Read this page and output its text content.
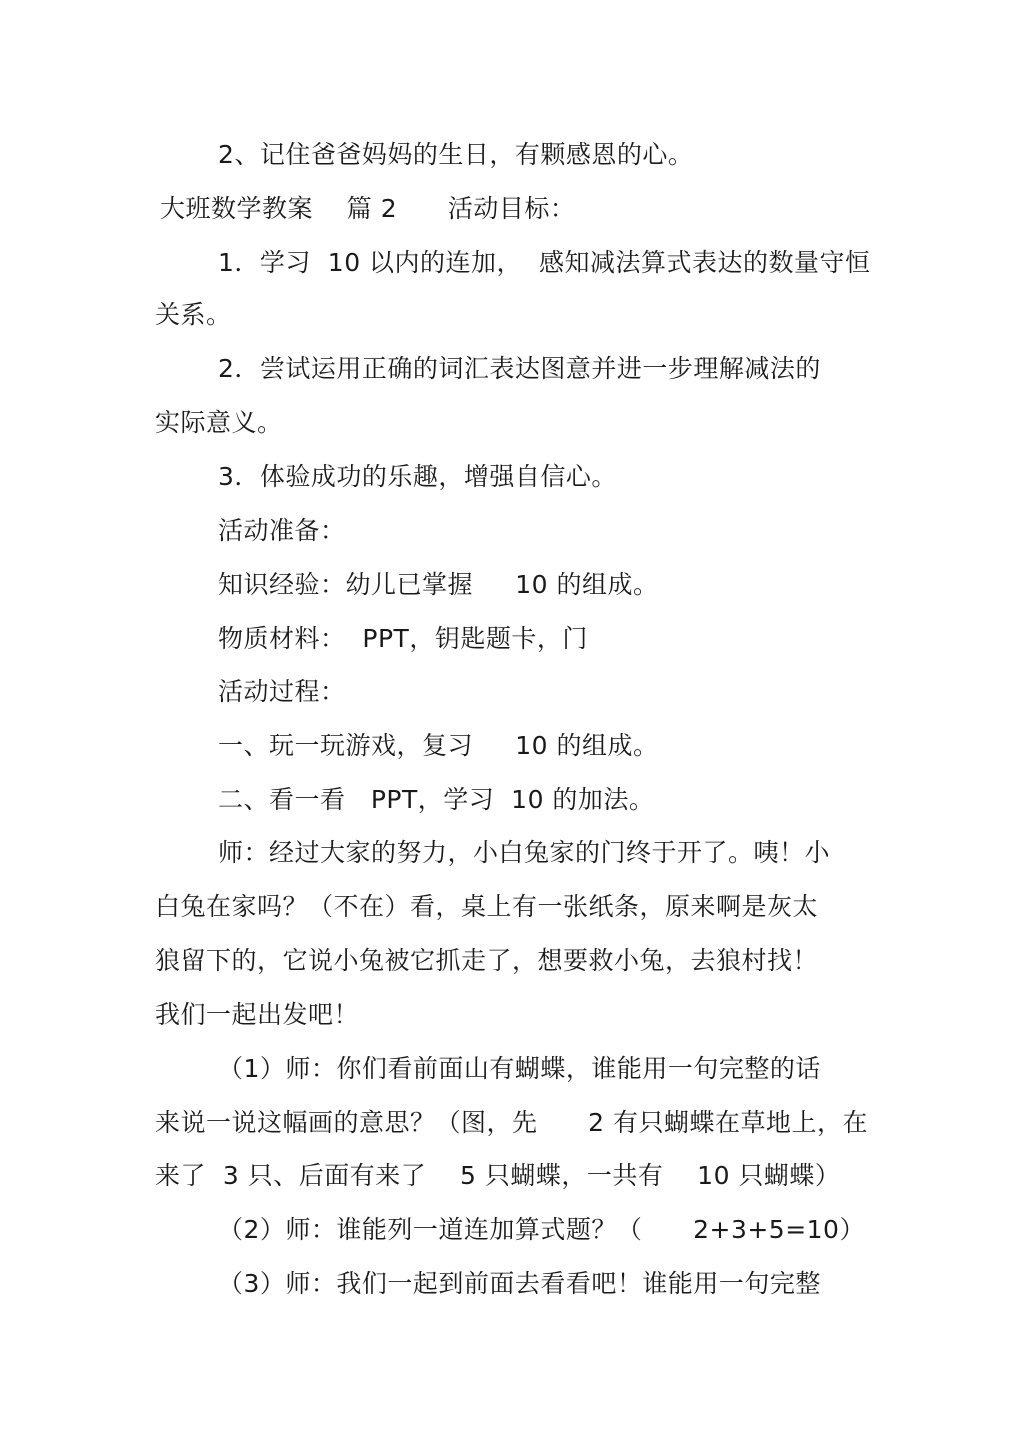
2、记住爸爸妈妈的生日，有颗感恩的心。
大班数学教案    篇 2      活动目标：
1．学习  10 以内的连加，  感知减法算式表达的数量守恒
关系。
2．尝试运用正确的词汇表达图意并进一步理解减法的
实际意义。
3．体验成功的乐趣，增强自信心。
活动准备：
知识经验：幼儿已掌握     10 的组成。
物质材料：  PPT，钥匙题卡，门
活动过程：
一、玩一玩游戏，复习     10 的组成。
二、看一看   PPT，学习  10 的加法。
师：经过大家的努力，小白兔家的门终于开了。咦！小
白兔在家吗？（不在）看，桌上有一张纸条，原来啊是灰太
狼留下的，它说小兔被它抓走了，想要救小兔，去狼村找！
我们一起出发吧！
（1）师：你们看前面山有蝴蝶，谁能用一句完整的话
来说一说这幅画的意思？（图，先      2 有只蝴蝶在草地上，在
来了  3 只、后面有来了    5 只蝴蝶，一共有    10 只蝴蝶）
（2）师：谁能列一道连加算式题？（      2+3+5=10）
（3）师：我们一起到前面去看看吧！谁能用一句完整
